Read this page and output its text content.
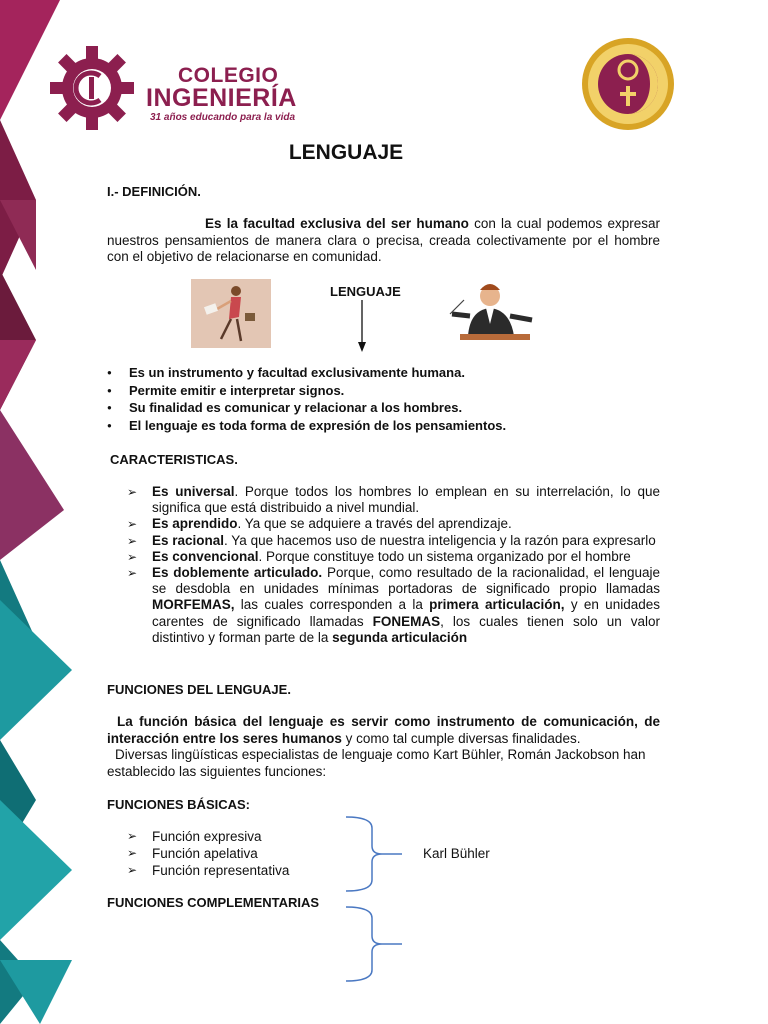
COLEGIO
INGENIERÍA
31 años educando para la vida
LENGUAJE
I.- DEFINICIÓN.
Es la facultad exclusiva del ser humano con la cual podemos expresar nuestros pensamientos de manera clara o precisa, creada colectivamente por el hombre con el objetivo de relacionarse en comunidad.
LENGUAJE
● Es un instrumento y facultad exclusivamente humana.
● Permite emitir e interpretar signos.
● Su finalidad es comunicar y relacionar a los hombres.
● El lenguaje es toda forma de expresión de los pensamientos.
CARACTERISTICAS.
➢ Es universal. Porque todos los hombres lo emplean en su interrelación, lo que significa que está distribuido a nivel mundial.
➢ Es aprendido. Ya que se adquiere a través del aprendizaje.
➢ Es racional. Ya que hacemos uso de nuestra inteligencia y la razón para expresarlo
➢ Es convencional. Porque constituye todo un sistema organizado por el hombre
➢ Es doblemente articulado. Porque, como resultado de la racionalidad, el lenguaje se desdobla en unidades mínimas portadoras de significado propio llamadas MORFEMAS, las cuales corresponden a la primera articulación, y en unidades carentes de significado llamadas FONEMAS, los cuales tienen solo un valor distintivo y forman parte de la segunda articulación
FUNCIONES DEL LENGUAJE.
La función básica del lenguaje es servir como instrumento de comunicación, de interacción entre los seres humanos y como tal cumple diversas finalidades.
Diversas lingüísticas especialistas de lenguaje como Kart Bühler, Román Jackobson han establecido las siguientes funciones:
FUNCIONES BÁSICAS:
➢ Función expresiva
➢ Función apelativa
➢ Función representativa
Karl Bühler
FUNCIONES COMPLEMENTARIAS
